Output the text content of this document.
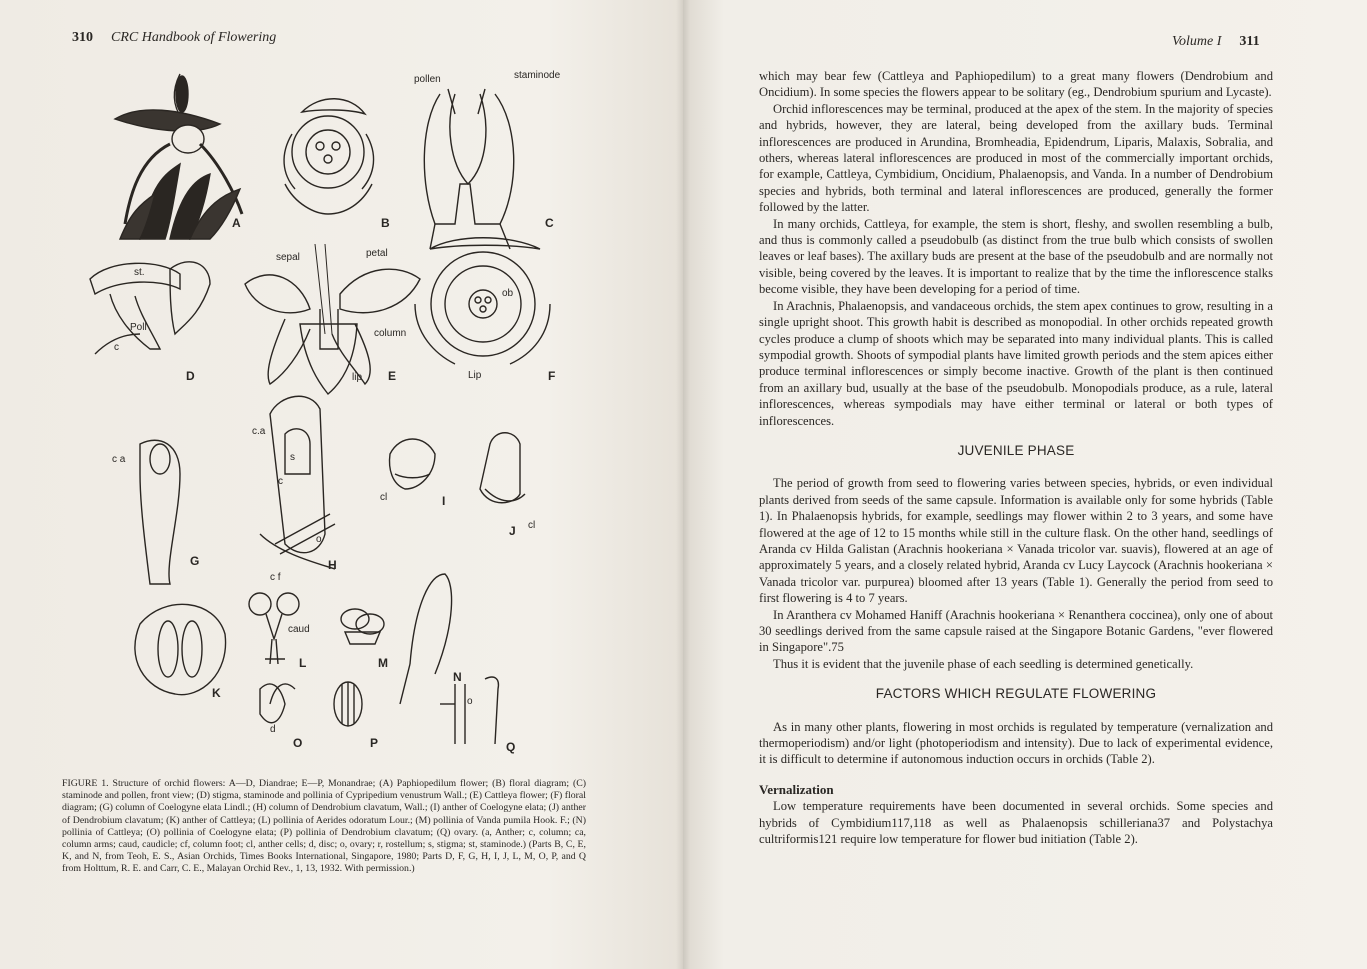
310 CRC Handbook of Flowering
A	B	C
D	E	F
G	H
I
J
K
L	M
N
O	P	Q
pollen	staminode
sepal	petal
column
lip	Lip
st.
Poll
c
c a
c.a
s
c
o
cl
cl
c f
caud
d
o
ob
FIGURE 1. Structure of orchid flowers: A—D, Diandrae; E—P, Monandrae; (A) Paphiopedilum flower; (B) floral diagram; (C) staminode and pollen, front view; (D) stigma, staminode and pollinia of Cypripedium venustrum Wall.; (E) Cattleya flower; (F) floral diagram; (G) column of Coelogyne elata Lindl.; (H) column of Dendrobium clavatum, Wall.; (I) anther of Coelogyne elata; (J) anther of Dendrobium clavatum; (K) anther of Cattleya; (L) pollinia of Aerides odoratum Lour.; (M) pollinia of Vanda pumila Hook. F.; (N) pollinia of Cattleya; (O) pollinia of Coelogyne elata; (P) pollinia of Dendrobium clavatum; (Q) ovary. (a, Anther; c, column; ca, column arms; caud, caudicle; cf, column foot; cl, anther cells; d, disc; o, ovary; r, rostellum; s, stigma; st, staminode.) (Parts B, C, E, K, and N, from Teoh, E. S., Asian Orchids, Times Books International, Singapore, 1980; Parts D, F, G, H, I, J, L, M, O, P, and Q from Holttum, R. E. and Carr, C. E., Malayan Orchid Rev., 1, 13, 1932. With permission.)
Volume I 311

which may bear few (Cattleya and Paphiopedilum) to a great many flowers (Dendrobium and Oncidium). In some species the flowers appear to be solitary (eg., Dendrobium spurium and Lycaste).

Orchid inflorescences may be terminal, produced at the apex of the stem. In the majority of species and hybrids, however, they are lateral, being developed from the axillary buds. Terminal inflorescences are produced in Arundina, Bromheadia, Epidendrum, Liparis, Malaxis, Sobralia, and others, whereas lateral inflorescences are produced in most of the commercially important orchids, for example, Cattleya, Cymbidium, Oncidium, Phalaenopsis, and Vanda. In a number of Dendrobium species and hybrids, both terminal and lateral inflorescences are produced, generally the former followed by the latter.

In many orchids, Cattleya, for example, the stem is short, fleshy, and swollen resembling a bulb, and thus is commonly called a pseudobulb (as distinct from the true bulb which consists of swollen leaves or leaf bases). The axillary buds are present at the base of the pseudobulb and are normally not visible, being covered by the leaves. It is important to realize that by the time the inflorescence stalks become visible, they have been developing for a period of time.

In Arachnis, Phalaenopsis, and vandaceous orchids, the stem apex continues to grow, resulting in a single upright shoot. This growth habit is described as monopodial. In other orchids repeated growth cycles produce a clump of shoots which may be separated into many individual plants. This is called sympodial growth. Shoots of sympodial plants have limited growth periods and the stem apices either produce terminal inflorescences or simply become inactive. Growth of the plant is then continued from an axillary bud, usually at the base of the pseudobulb. Monopodials produce, as a rule, lateral inflorescences, whereas sympodials may have either terminal or lateral or both types of inflorescences.

JUVENILE PHASE

The period of growth from seed to flowering varies between species, hybrids, or even individual plants derived from seeds of the same capsule. Information is available only for some hybrids (Table 1). In Phalaenopsis hybrids, for example, seedlings may flower within 2 to 3 years, and some have flowered at the age of 12 to 15 months while still in the culture flask. On the other hand, seedlings of Aranda cv Hilda Galistan (Arachnis hookeriana × Vanada tricolor var. suavis), flowered at an age of approximately 5 years, and a closely related hybrid, Aranda cv Lucy Laycock (Arachnis hookeriana × Vanada tricolor var. purpurea) bloomed after 13 years (Table 1). Generally the period from seed to first flowering is 4 to 7 years.

In Aranthera cv Mohamed Haniff (Arachnis hookeriana × Renanthera coccinea), only one of about 30 seedlings derived from the same capsule raised at the Singapore Botanic Gardens, "ever flowered in Singapore".75

Thus it is evident that the juvenile phase of each seedling is determined genetically.

FACTORS WHICH REGULATE FLOWERING

As in many other plants, flowering in most orchids is regulated by temperature (vernalization and thermoperiodism) and/or light (photoperiodism and intensity). Due to lack of experimental evidence, it is difficult to determine if autonomous induction occurs in orchids (Table 2).

Vernalization

Low temperature requirements have been documented in several orchids. Some species and hybrids of Cymbidium117,118 as well as Phalaenopsis schilleriana37 and Polystachya cultriformis121 require low temperature for flower bud initiation (Table 2).
